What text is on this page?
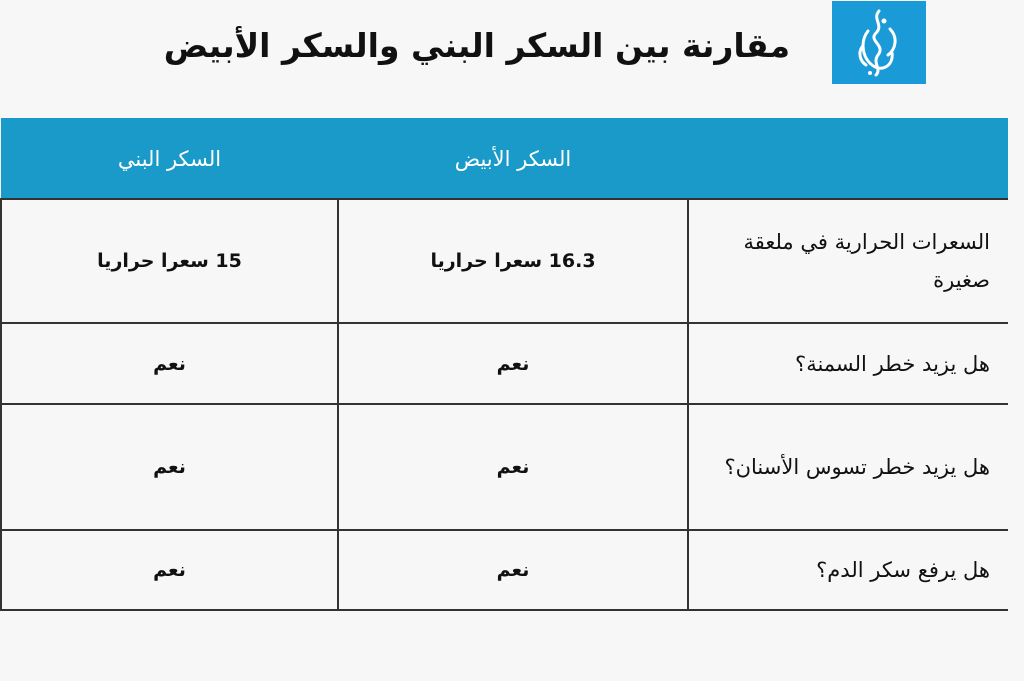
مقارنة بين السكر البني والسكر الأبيض
	السكر الأبيض	السكر البني
السعرات الحرارية في ملعقة صغيرة	16.3 سعرا حراريا	15 سعرا حراريا
هل يزيد خطر السمنة؟	نعم	نعم
هل يزيد خطر تسوس الأسنان؟	نعم	نعم
هل يرفع سكر الدم؟	نعم	نعم
